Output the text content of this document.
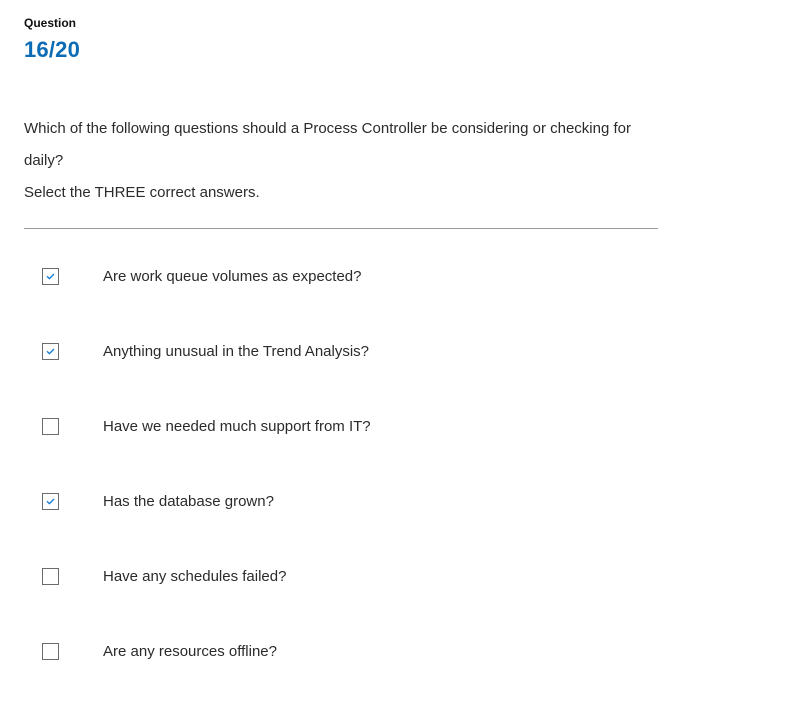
Question
16/20

Which of the following questions should a Process Controller be considering or checking for daily?

Select the THREE correct answers.

Are work queue volumes as expected?
Anything unusual in the Trend Analysis?
Have we needed much support from IT?
Has the database grown?
Have any schedules failed?
Are any resources offline?
